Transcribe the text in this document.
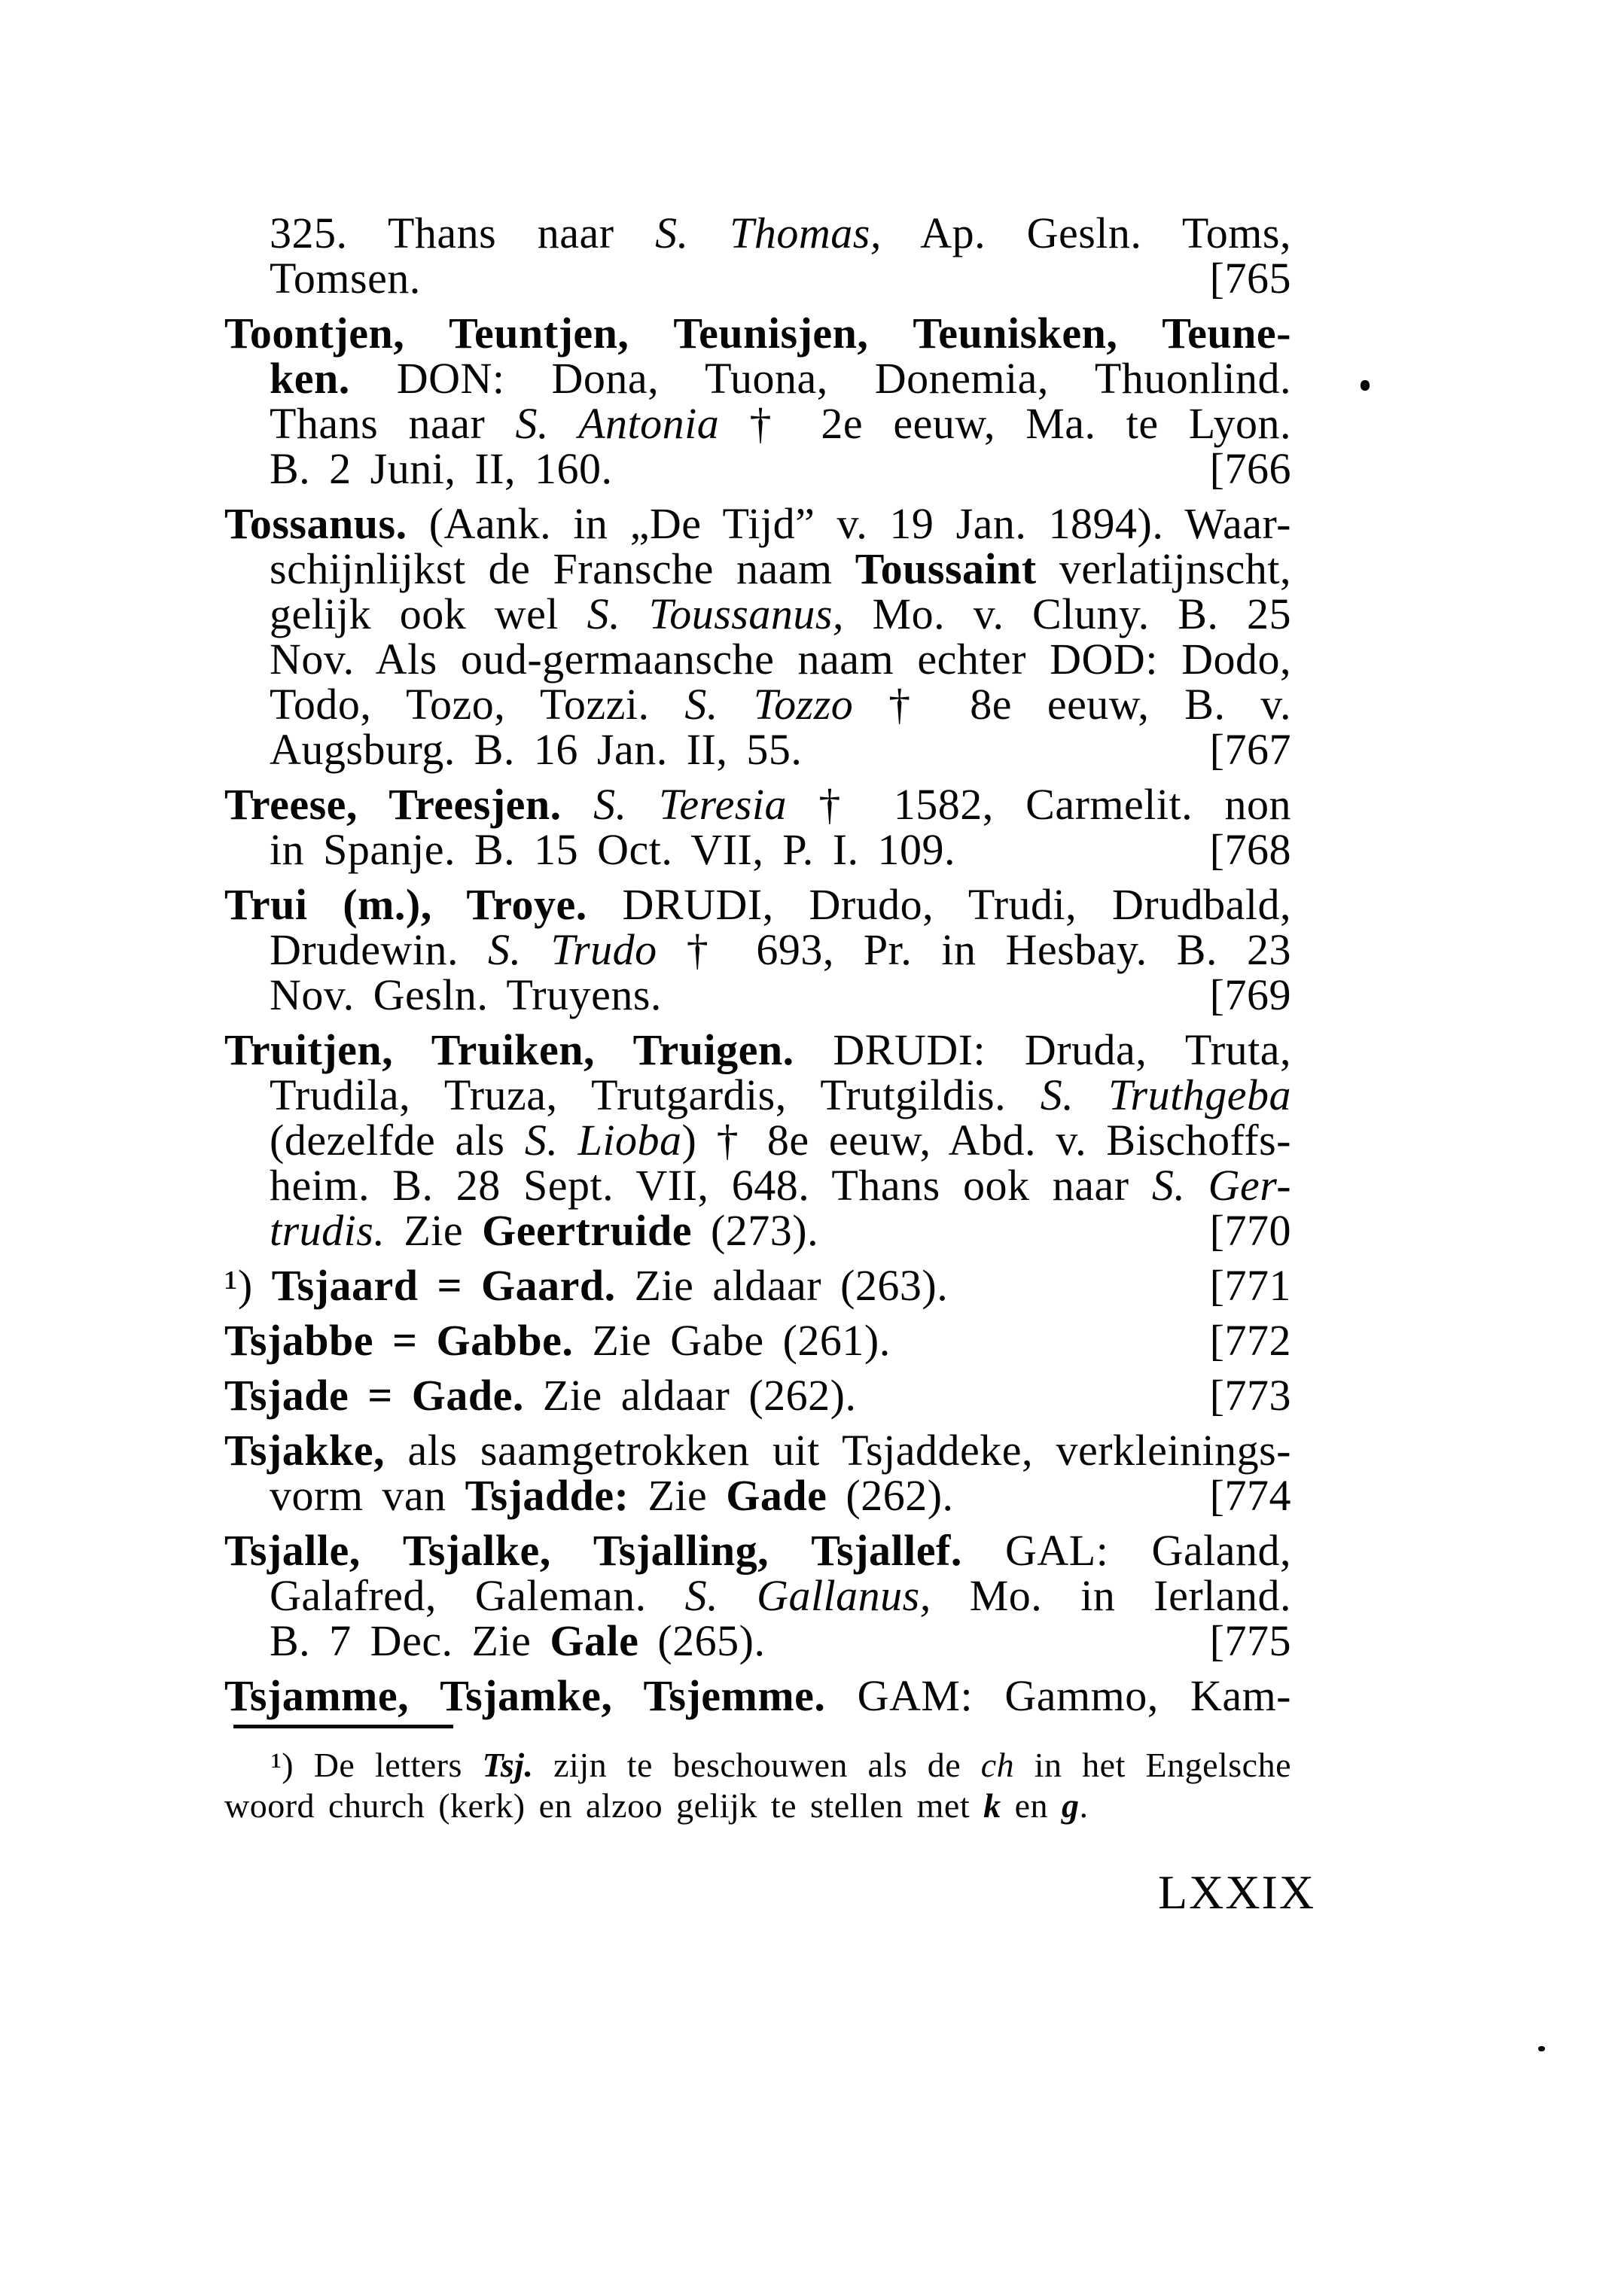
325. Thans naar S. Thomas, Ap. Gesln. Toms,
Tomsen.	[765
Toontjen, Teuntjen, Teunisjen, Teunisken, Teune-
ken. DON: Dona, Tuona, Donemia, Thuonlind.
Thans naar S. Antonia † 2e eeuw, Ma. te Lyon.
B. 2 Juni, II, 160.	[766
Tossanus. (Aank. in „De Tijd” v. 19 Jan. 1894). Waar-
schijnlijkst de Fransche naam Toussaint verlatijnscht,
gelijk ook wel S. Toussanus, Mo. v. Cluny. B. 25
Nov. Als oud-germaansche naam echter DOD: Dodo,
Todo, Tozo, Tozzi. S. Tozzo † 8e eeuw, B. v.
Augsburg. B. 16 Jan. II, 55.	[767
Treese, Treesjen. S. Teresia † 1582, Carmelit. non
in Spanje. B. 15 Oct. VII, P. I. 109.	[768
Trui (m.), Troye. DRUDI, Drudo, Trudi, Drudbald,
Drudewin. S. Trudo † 693, Pr. in Hesbay. B. 23
Nov. Gesln. Truyens.	[769
Truitjen, Truiken, Truigen. DRUDI: Druda, Truta,
Trudila, Truza, Trutgardis, Trutgildis. S. Truthgeba
(dezelfde als S. Lioba) † 8e eeuw, Abd. v. Bischoffs-
heim. B. 28 Sept. VII, 648. Thans ook naar S. Ger-
trudis. Zie Geertruide (273).	[770
¹) Tsjaard = Gaard. Zie aldaar (263).	[771
Tsjabbe = Gabbe. Zie Gabe (261).	[772
Tsjade = Gade. Zie aldaar (262).	[773
Tsjakke, als saamgetrokken uit Tsjaddeke, verkleinings-
vorm van Tsjadde: Zie Gade (262).	[774
Tsjalle, Tsjalke, Tsjalling, Tsjallef. GAL: Galand,
Galafred, Galeman. S. Gallanus, Mo. in Ierland.
B. 7 Dec. Zie Gale (265).	[775
Tsjamme, Tsjamke, Tsjemme. GAM: Gammo, Kam-
¹) De letters Tsj. zijn te beschouwen als de ch in het Engelsche
woord church (kerk) en alzoo gelijk te stellen met k en g.
LXXIX
